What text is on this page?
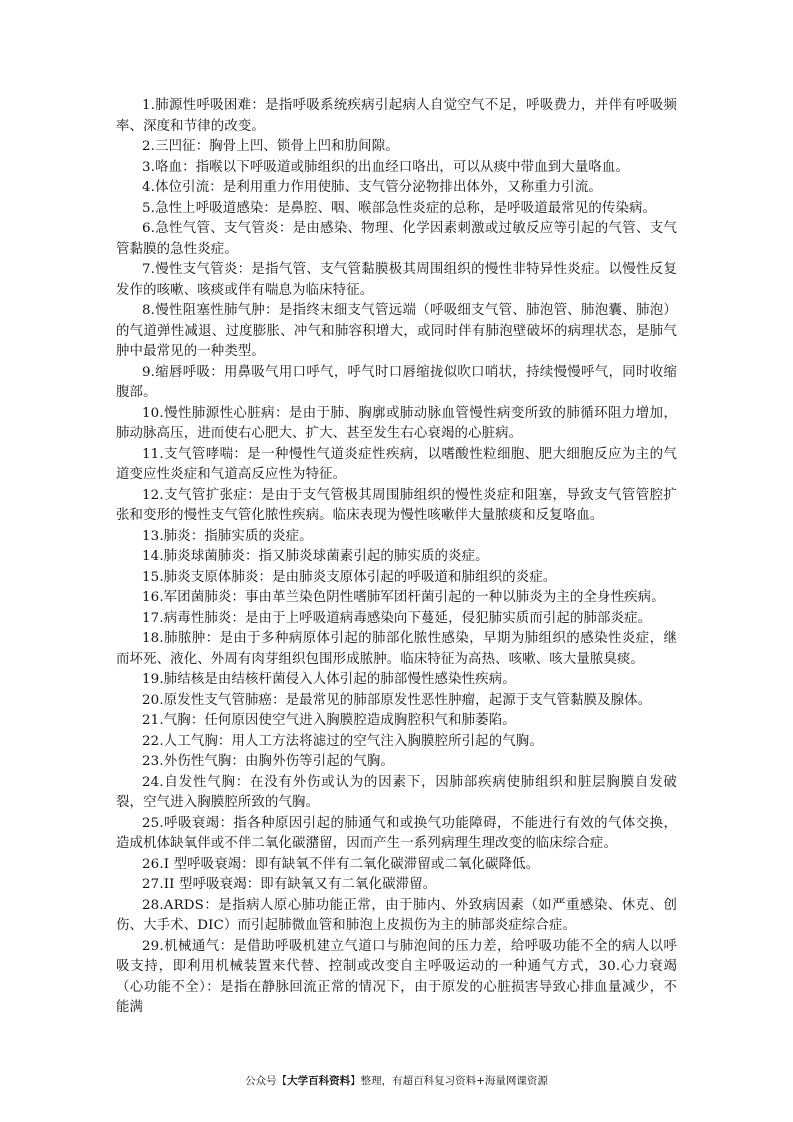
1.肺源性呼吸困难：是指呼吸系统疾病引起病人自觉空气不足，呼吸费力，并伴有呼吸频率、深度和节律的改变。

2.三凹征：胸骨上凹、锁骨上凹和肋间隙。

3.咯血：指喉以下呼吸道或肺组织的出血经口咯出，可以从痰中带血到大量咯血。

4.体位引流：是利用重力作用使肺、支气管分泌物排出体外，又称重力引流。

5.急性上呼吸道感染：是鼻腔、咽、喉部急性炎症的总称，是呼吸道最常见的传染病。

6.急性气管、支气管炎：是由感染、物理、化学因素刺激或过敏反应等引起的气管、支气管黏膜的急性炎症。

7.慢性支气管炎：是指气管、支气管黏膜极其周围组织的慢性非特异性炎症。以慢性反复发作的咳嗽、咳痰或伴有喘息为临床特征。

8.慢性阻塞性肺气肿：是指终末细支气管远端（呼吸细支气管、肺泡管、肺泡囊、肺泡）的气道弹性减退、过度膨胀、冲气和肺容积增大，或同时伴有肺泡壁破坏的病理状态，是肺气肿中最常见的一种类型。

9.缩唇呼吸：用鼻吸气用口呼气，呼气时口唇缩拢似吹口哨状，持续慢慢呼气，同时收缩腹部。

10.慢性肺源性心脏病：是由于肺、胸廓或肺动脉血管慢性病变所致的肺循环阻力增加，肺动脉高压，进而使右心肥大、扩大、甚至发生右心衰竭的心脏病。

11.支气管哮喘：是一种慢性气道炎症性疾病，以嗜酸性粒细胞、肥大细胞反应为主的气道变应性炎症和气道高反应性为特征。

12.支气管扩张症：是由于支气管极其周围肺组织的慢性炎症和阻塞，导致支气管管腔扩张和变形的慢性支气管化脓性疾病。临床表现为慢性咳嗽伴大量脓痰和反复咯血。

13.肺炎：指肺实质的炎症。

14.肺炎球菌肺炎：指又肺炎球菌素引起的肺实质的炎症。

15.肺炎支原体肺炎：是由肺炎支原体引起的呼吸道和肺组织的炎症。

16.军团菌肺炎：事由革兰染色阴性嗜肺军团杆菌引起的一种以肺炎为主的全身性疾病。

17.病毒性肺炎：是由于上呼吸道病毒感染向下蔓延，侵犯肺实质而引起的肺部炎症。

18.肺脓肿：是由于多种病原体引起的肺部化脓性感染，早期为肺组织的感染性炎症，继而坏死、液化、外周有肉芽组织包围形成脓肿。临床特征为高热、咳嗽、咳大量脓臭痰。

19.肺结核是由结核杆菌侵入人体引起的肺部慢性感染性疾病。

20.原发性支气管肺癌：是最常见的肺部原发性恶性肿瘤，起源于支气管黏膜及腺体。

21.气胸：任何原因使空气进入胸膜腔造成胸腔积气和肺萎陷。

22.人工气胸：用人工方法将滤过的空气注入胸膜腔所引起的气胸。

23.外伤性气胸：由胸外伤等引起的气胸。

24.自发性气胸：在没有外伤或认为的因素下，因肺部疾病使肺组织和脏层胸膜自发破裂，空气进入胸膜腔所致的气胸。

25.呼吸衰竭：指各种原因引起的肺通气和或换气功能障碍，不能进行有效的气体交换，造成机体缺氧伴或不伴二氧化碳潴留，因而产生一系列病理生理改变的临床综合症。

26.I 型呼吸衰竭：即有缺氧不伴有二氧化碳滞留或二氧化碳降低。

27.II 型呼吸衰竭：即有缺氧又有二氧化碳滞留。

28.ARDS：是指病人原心肺功能正常，由于肺内、外致病因素（如严重感染、休克、创伤、大手术、DIC）而引起肺微血管和肺泡上皮损伤为主的肺部炎症综合症。

29.机械通气：是借助呼吸机建立气道口与肺泡间的压力差，给呼吸功能不全的病人以呼吸支持，即利用机械装置来代替、控制或改变自主呼吸运动的一种通气方式，30.心力衰竭（心功能不全）：是指在静脉回流正常的情况下，由于原发的心脏损害导致心排血量减少，不能满

公众号【大学百科资料】整理，有超百科复习资料+海量网课资源
